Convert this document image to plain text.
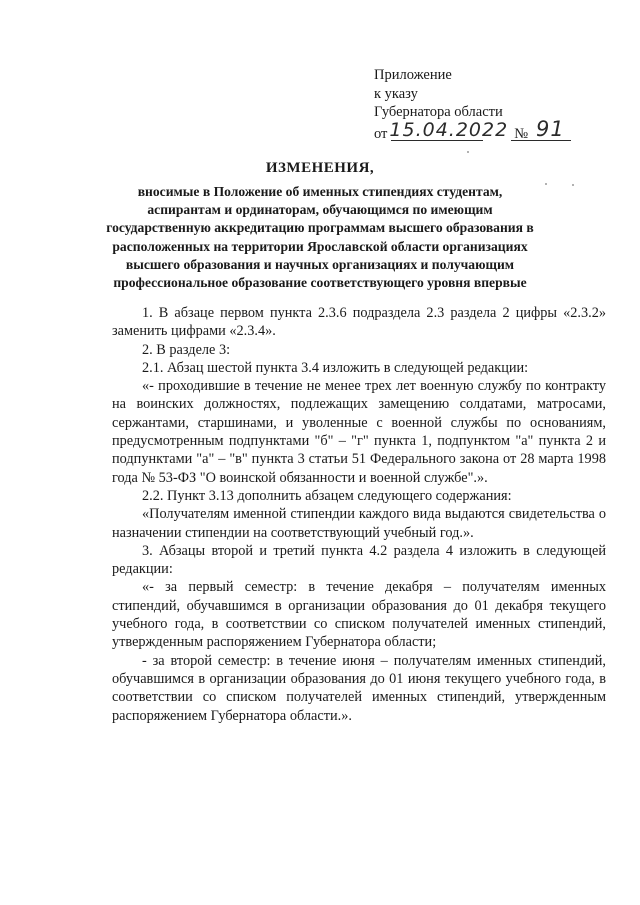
Приложение
к указу
Губернатора области
от 15.04.2022 № 91
ИЗМЕНЕНИЯ,
вносимые в Положение об именных стипендиях студентам, аспирантам и ординаторам, обучающимся по имеющим государственную аккредитацию программам высшего образования в расположенных на территории Ярославской области организациях высшего образования и научных организациях и получающим профессиональное образование соответствующего уровня впервые

1. В абзаце первом пункта 2.3.6 подраздела 2.3 раздела 2 цифры «2.3.2» заменить цифрами «2.3.4».

2. В разделе 3:

2.1. Абзац шестой пункта 3.4 изложить в следующей редакции:

«- проходившие в течение не менее трех лет военную службу по контракту на воинских должностях, подлежащих замещению солдатами, матросами, сержантами, старшинами, и уволенные с военной службы по основаниям, предусмотренным подпунктами "б" – "г" пункта 1, подпунктом "а" пункта 2 и подпунктами "а" – "в" пункта 3 статьи 51 Федерального закона от 28 марта 1998 года № 53-ФЗ "О воинской обязанности и военной службе".».

2.2. Пункт 3.13 дополнить абзацем следующего содержания:

«Получателям именной стипендии каждого вида выдаются свидетельства о назначении стипендии на соответствующий учебный год.».

3. Абзацы второй и третий пункта 4.2 раздела 4 изложить в следующей редакции:

«- за первый семестр: в течение декабря – получателям именных стипендий, обучавшимся в организации образования до 01 декабря текущего учебного года, в соответствии со списком получателей именных стипендий, утвержденным распоряжением Губернатора области;

- за второй семестр: в течение июня – получателям именных стипендий, обучавшимся в организации образования до 01 июня текущего учебного года, в соответствии со списком получателей именных стипендий, утвержденным распоряжением Губернатора области.».
